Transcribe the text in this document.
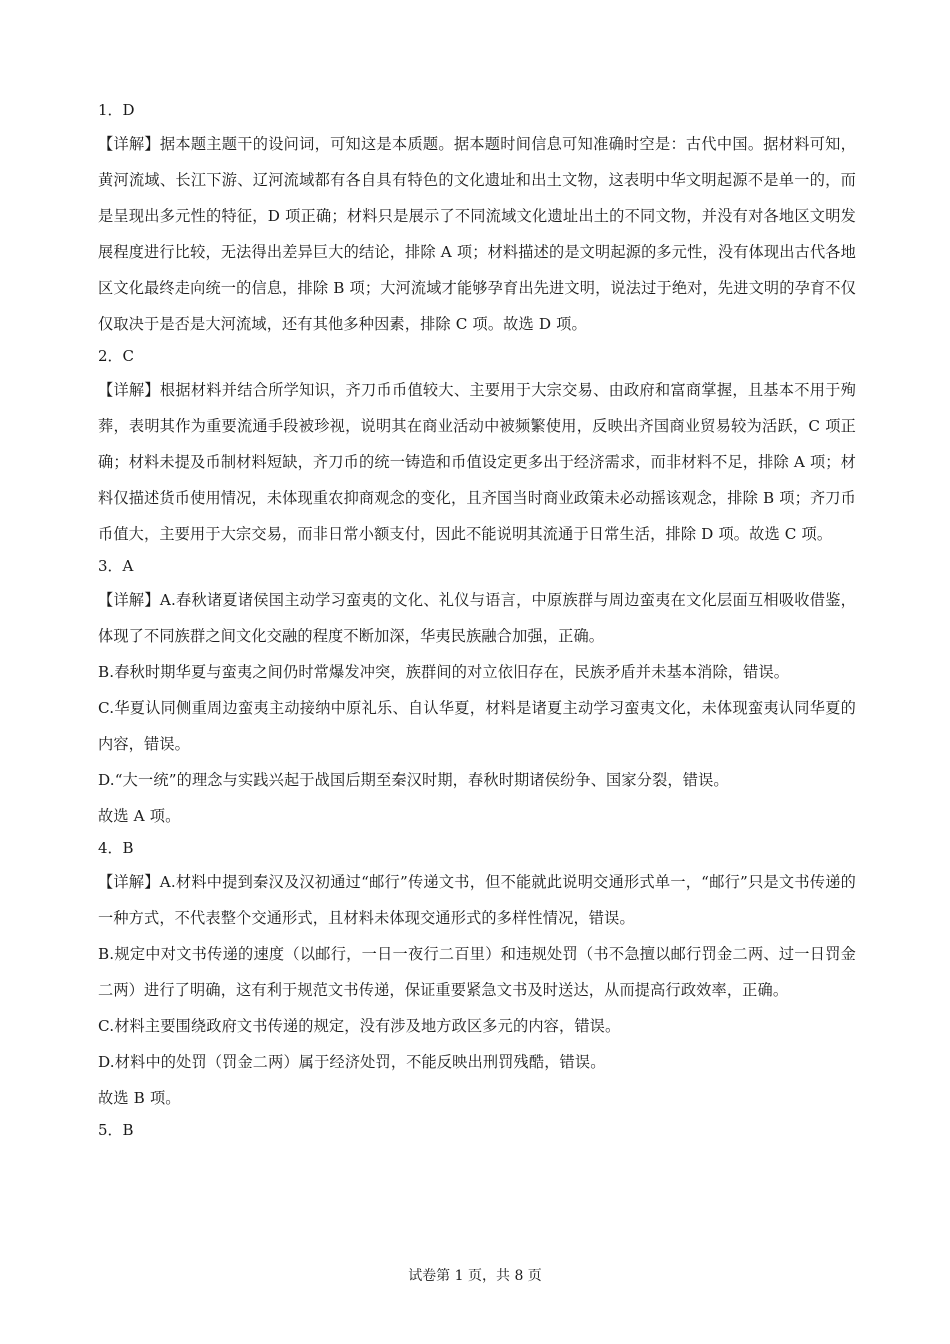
1．D

【详解】据本题主题干的设问词，可知这是本质题。据本题时间信息可知准确时空是：古代中国。据材料可知，黄河流域、长江下游、辽河流域都有各自具有特色的文化遗址和出土文物，这表明中华文明起源不是单一的，而是呈现出多元性的特征，D 项正确；材料只是展示了不同流域文化遗址出土的不同文物，并没有对各地区文明发展程度进行比较，无法得出差异巨大的结论，排除 A 项；材料描述的是文明起源的多元性，没有体现出古代各地区文化最终走向统一的信息，排除 B 项；大河流域才能够孕育出先进文明，说法过于绝对，先进文明的孕育不仅仅取决于是否是大河流域，还有其他多种因素，排除 C 项。故选 D 项。

2．C

【详解】根据材料并结合所学知识，齐刀币币值较大、主要用于大宗交易、由政府和富商掌握，且基本不用于殉葬，表明其作为重要流通手段被珍视，说明其在商业活动中被频繁使用，反映出齐国商业贸易较为活跃，C 项正确；材料未提及币制材料短缺，齐刀币的统一铸造和币值设定更多出于经济需求，而非材料不足，排除 A 项；材料仅描述货币使用情况，未体现重农抑商观念的变化，且齐国当时商业政策未必动摇该观念，排除 B 项；齐刀币币值大，主要用于大宗交易，而非日常小额支付，因此不能说明其流通于日常生活，排除 D 项。故选 C 项。

3．A

【详解】A.春秋诸夏诸侯国主动学习蛮夷的文化、礼仪与语言，中原族群与周边蛮夷在文化层面互相吸收借鉴，体现了不同族群之间文化交融的程度不断加深，华夷民族融合加强，正确。

B.春秋时期华夏与蛮夷之间仍时常爆发冲突，族群间的对立依旧存在，民族矛盾并未基本消除，错误。

C.华夏认同侧重周边蛮夷主动接纳中原礼乐、自认华夏，材料是诸夏主动学习蛮夷文化，未体现蛮夷认同华夏的内容，错误。

D.“大一统”的理念与实践兴起于战国后期至秦汉时期，春秋时期诸侯纷争、国家分裂，错误。

故选 A 项。

4．B

【详解】A.材料中提到秦汉及汉初通过“邮行”传递文书，但不能就此说明交通形式单一，“邮行”只是文书传递的一种方式，不代表整个交通形式，且材料未体现交通形式的多样性情况，错误。

B.规定中对文书传递的速度（以邮行，一日一夜行二百里）和违规处罚（书不急擅以邮行罚金二两、过一日罚金二两）进行了明确，这有利于规范文书传递，保证重要紧急文书及时送达，从而提高行政效率，正确。

C.材料主要围绕政府文书传递的规定，没有涉及地方政区多元的内容，错误。

D.材料中的处罚（罚金二两）属于经济处罚，不能反映出刑罚残酷，错误。

故选 B 项。

5．B

试卷第 1 页，共 8 页
